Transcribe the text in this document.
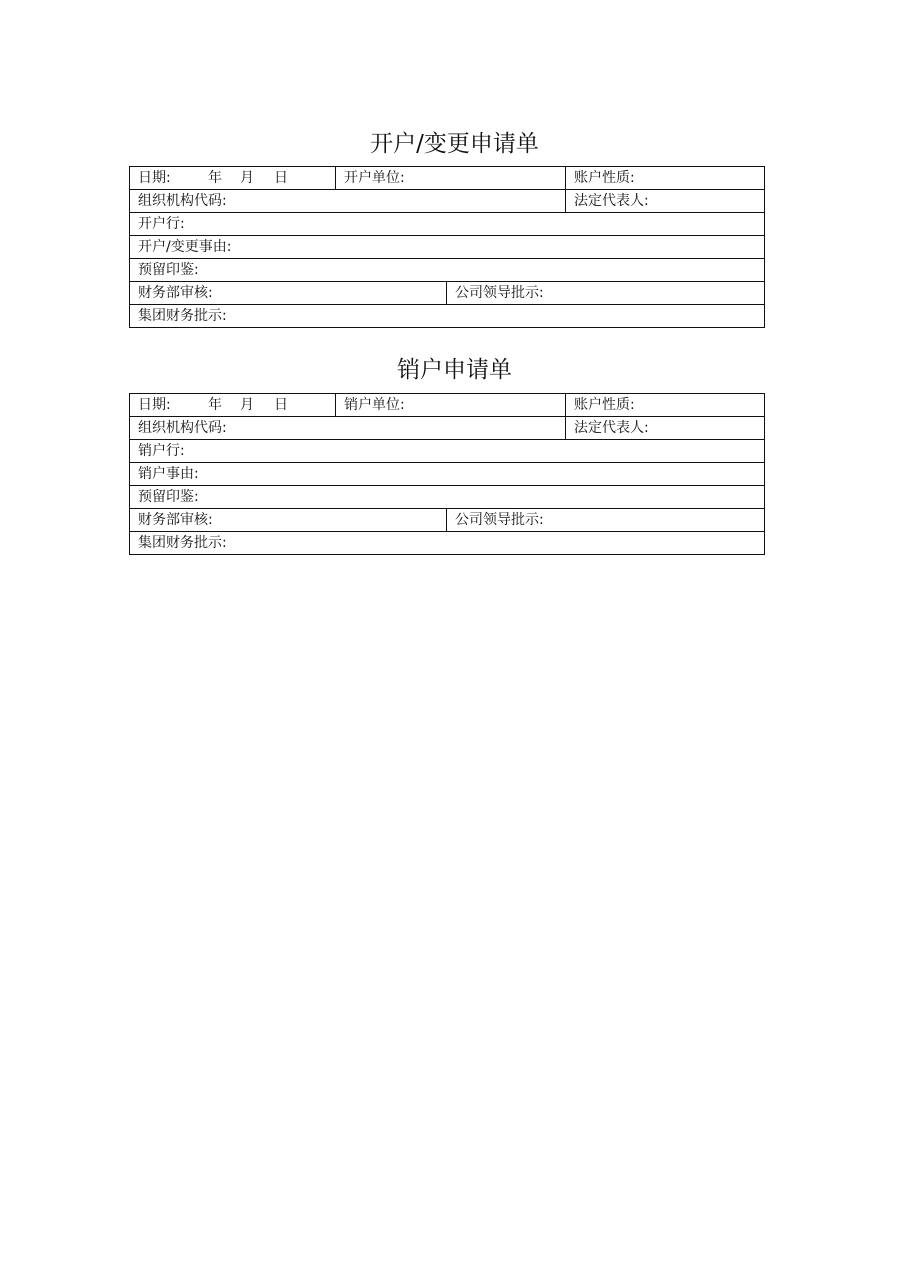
开户/变更申请单
日期: 年 月 日	开户单位:		账户性质:
组织机构代码:			法定代表人:
开户行:			
开户/变更事由:			
预留印鉴:			
财务部审核:		公司领导批示:	
集团财务批示:			
销户申请单
日期: 年 月 日	销户单位:		账户性质:
组织机构代码:			法定代表人:
销户行:			
销户事由:			
预留印鉴:			
财务部审核:		公司领导批示:	
集团财务批示:			
